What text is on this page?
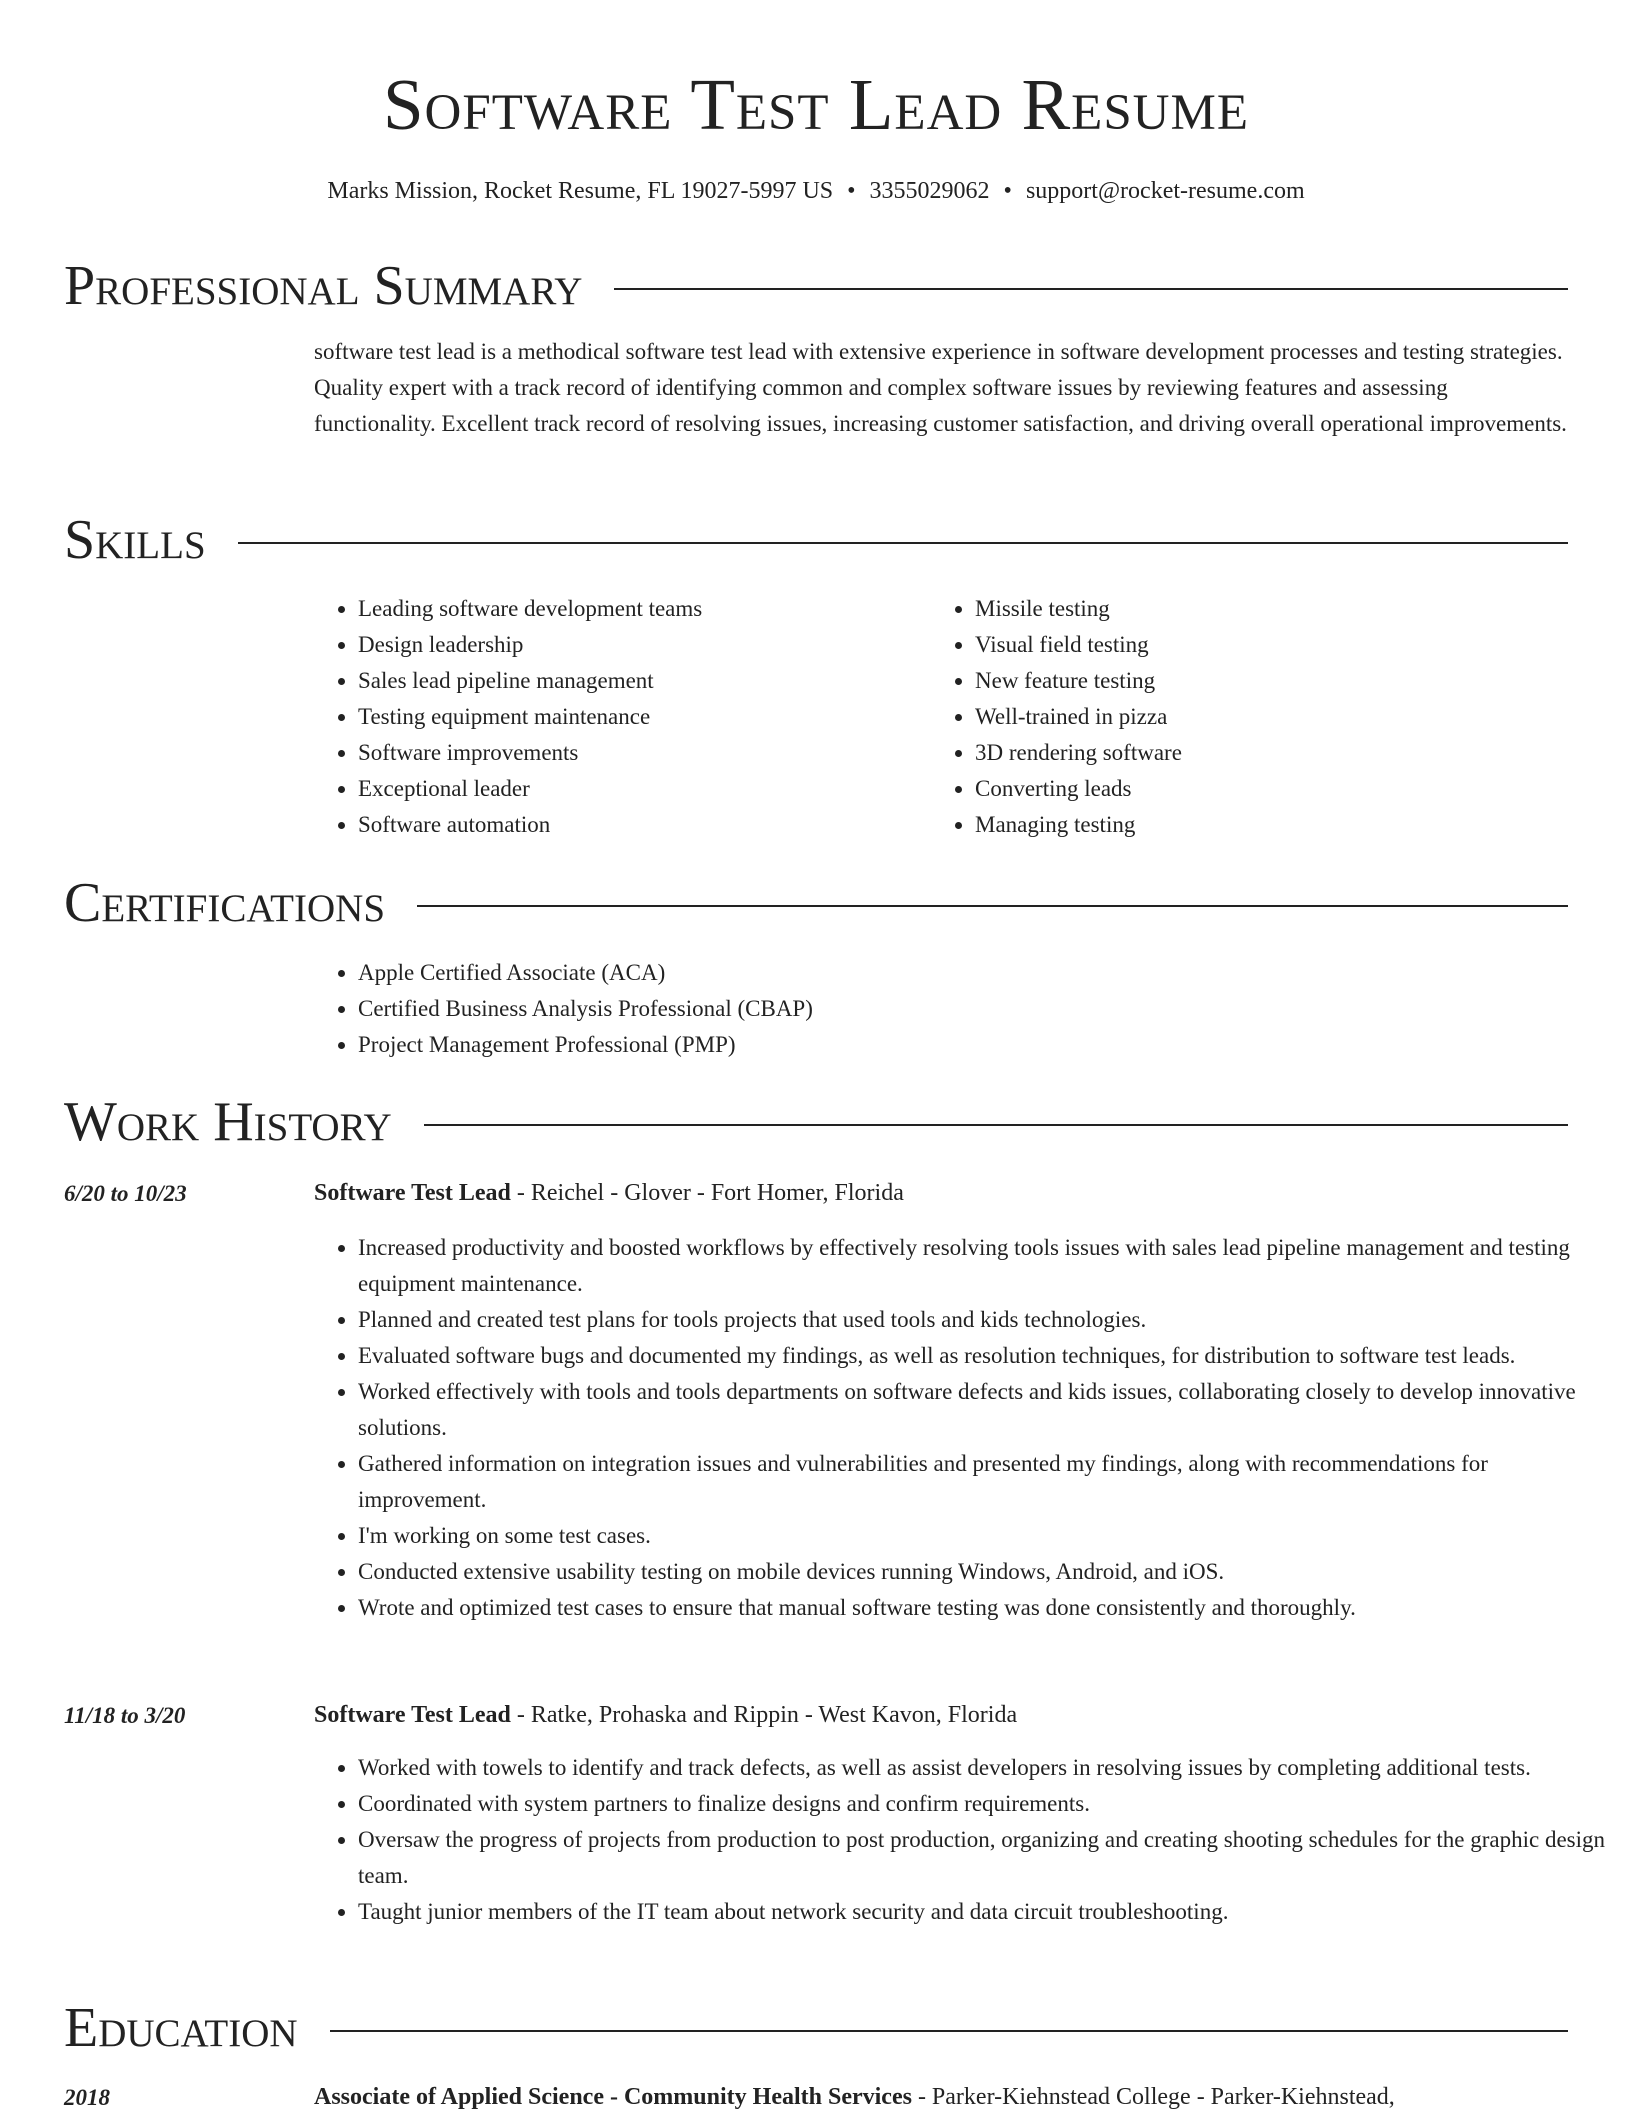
Software Test Lead Resume
Marks Mission, Rocket Resume, FL 19027-5997 US • 3355029062 • support@rocket-resume.com
Professional Summary

software test lead is a methodical software test lead with extensive experience in software development processes and testing strategies. Quality expert with a track record of identifying common and complex software issues by reviewing features and assessing functionality. Excellent track record of resolving issues, increasing customer satisfaction, and driving overall operational improvements.

Skills
• Leading software development teams
• Design leadership
• Sales lead pipeline management
• Testing equipment maintenance
• Software improvements
• Exceptional leader
• Software automation
• Missile testing
• Visual field testing
• New feature testing
• Well-trained in pizza
• 3D rendering software
• Converting leads
• Managing testing
Certifications
• Apple Certified Associate (ACA)
• Certified Business Analysis Professional (CBAP)
• Project Management Professional (PMP)
Work History
6/20 to 10/23	Software Test Lead - Reichel - Glover - Fort Homer, Florida
• Increased productivity and boosted workflows by effectively resolving tools issues with sales lead pipeline management and testing equipment maintenance.
• Planned and created test plans for tools projects that used tools and kids technologies.
• Evaluated software bugs and documented my findings, as well as resolution techniques, for distribution to software test leads.
• Worked effectively with tools and tools departments on software defects and kids issues, collaborating closely to develop innovative solutions.
• Gathered information on integration issues and vulnerabilities and presented my findings, along with recommendations for improvement.
• I'm working on some test cases.
• Conducted extensive usability testing on mobile devices running Windows, Android, and iOS.
• Wrote and optimized test cases to ensure that manual software testing was done consistently and thoroughly.
11/18 to 3/20	Software Test Lead - Ratke, Prohaska and Rippin - West Kavon, Florida
• Worked with towels to identify and track defects, as well as assist developers in resolving issues by completing additional tests.
• Coordinated with system partners to finalize designs and confirm requirements.
• Oversaw the progress of projects from production to post production, organizing and creating shooting schedules for the graphic design team.
• Taught junior members of the IT team about network security and data circuit troubleshooting.
Education
2018	Associate of Applied Science - Community Health Services - Parker-Kiehnstead College - Parker-Kiehnstead,
